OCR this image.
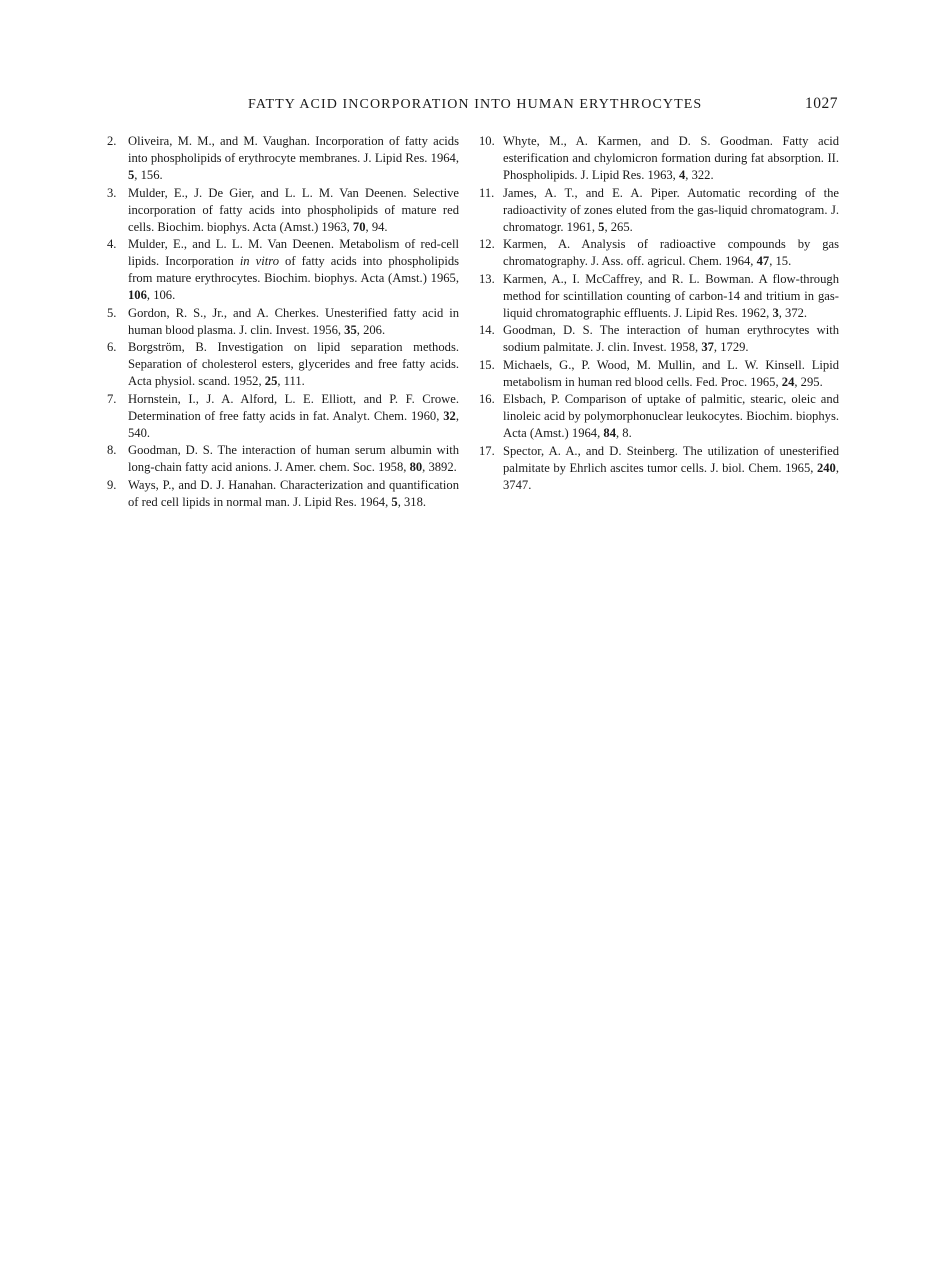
FATTY ACID INCORPORATION INTO HUMAN ERYTHROCYTES	1027
2. Oliveira, M. M., and M. Vaughan. Incorporation of fatty acids into phospholipids of erythrocyte membranes. J. Lipid Res. 1964, 5, 156.
3. Mulder, E., J. De Gier, and L. L. M. Van Deenen. Selective incorporation of fatty acids into phospholipids of mature red cells. Biochim. biophys. Acta (Amst.) 1963, 70, 94.
4. Mulder, E., and L. L. M. Van Deenen. Metabolism of red-cell lipids. Incorporation in vitro of fatty acids into phospholipids from mature erythrocytes. Biochim. biophys. Acta (Amst.) 1965, 106, 106.
5. Gordon, R. S., Jr., and A. Cherkes. Unesterified fatty acid in human blood plasma. J. clin. Invest. 1956, 35, 206.
6. Borgström, B. Investigation on lipid separation methods. Separation of cholesterol esters, glycerides and free fatty acids. Acta physiol. scand. 1952, 25, 111.
7. Hornstein, I., J. A. Alford, L. E. Elliott, and P. F. Crowe. Determination of free fatty acids in fat. Analyt. Chem. 1960, 32, 540.
8. Goodman, D. S. The interaction of human serum albumin with long-chain fatty acid anions. J. Amer. chem. Soc. 1958, 80, 3892.
9. Ways, P., and D. J. Hanahan. Characterization and quantification of red cell lipids in normal man. J. Lipid Res. 1964, 5, 318.
10. Whyte, M., A. Karmen, and D. S. Goodman. Fatty acid esterification and chylomicron formation during fat absorption. II. Phospholipids. J. Lipid Res. 1963, 4, 322.
11. James, A. T., and E. A. Piper. Automatic recording of the radioactivity of zones eluted from the gas-liquid chromatogram. J. chromatogr. 1961, 5, 265.
12. Karmen, A. Analysis of radioactive compounds by gas chromatography. J. Ass. off. agricul. Chem. 1964, 47, 15.
13. Karmen, A., I. McCaffrey, and R. L. Bowman. A flow-through method for scintillation counting of carbon-14 and tritium in gas-liquid chromatographic effluents. J. Lipid Res. 1962, 3, 372.
14. Goodman, D. S. The interaction of human erythrocytes with sodium palmitate. J. clin. Invest. 1958, 37, 1729.
15. Michaels, G., P. Wood, M. Mullin, and L. W. Kinsell. Lipid metabolism in human red blood cells. Fed. Proc. 1965, 24, 295.
16. Elsbach, P. Comparison of uptake of palmitic, stearic, oleic and linoleic acid by polymorphonuclear leukocytes. Biochim. biophys. Acta (Amst.) 1964, 84, 8.
17. Spector, A. A., and D. Steinberg. The utilization of unesterified palmitate by Ehrlich ascites tumor cells. J. biol. Chem. 1965, 240, 3747.
